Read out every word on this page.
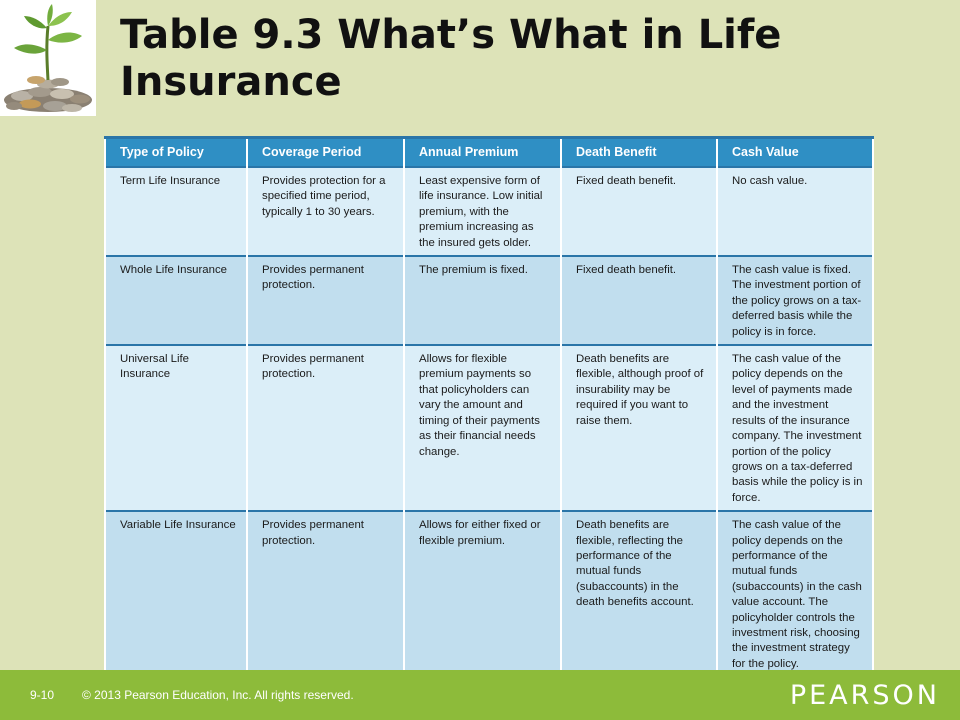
Table 9.3 What’s What in Life Insurance
Type of Policy	Coverage Period	Annual Premium	Death Benefit	Cash Value
Term Life Insurance	Provides protection for a specified time period, typically 1 to 30 years.	Least expensive form of life insurance. Low initial premium, with the premium increasing as the insured gets older.	Fixed death benefit.	No cash value.
Whole Life Insurance	Provides permanent protection.	The premium is fixed.	Fixed death benefit.	The cash value is fixed. The investment portion of the policy grows on a tax-deferred basis while the policy is in force.
Universal Life Insurance	Provides permanent protection.	Allows for flexible premium payments so that policyholders can vary the amount and timing of their payments as their financial needs change.	Death benefits are flexible, although proof of insurability may be required if you want to raise them.	The cash value of the policy depends on the level of payments made and the investment results of the insurance company. The investment portion of the policy grows on a tax-deferred basis while the policy is in force.
Variable Life Insurance	Provides permanent protection.	Allows for either fixed or flexible premium.	Death benefits are flexible, reflecting the performance of the mutual funds (subaccounts) in the death benefits account.	The cash value of the policy depends on the performance of the mutual funds (subaccounts) in the cash value account. The policyholder controls the investment risk, choosing the investment strategy for the policy.
9-10 © 2013 Pearson Education, Inc. All rights reserved.	PEARSON
